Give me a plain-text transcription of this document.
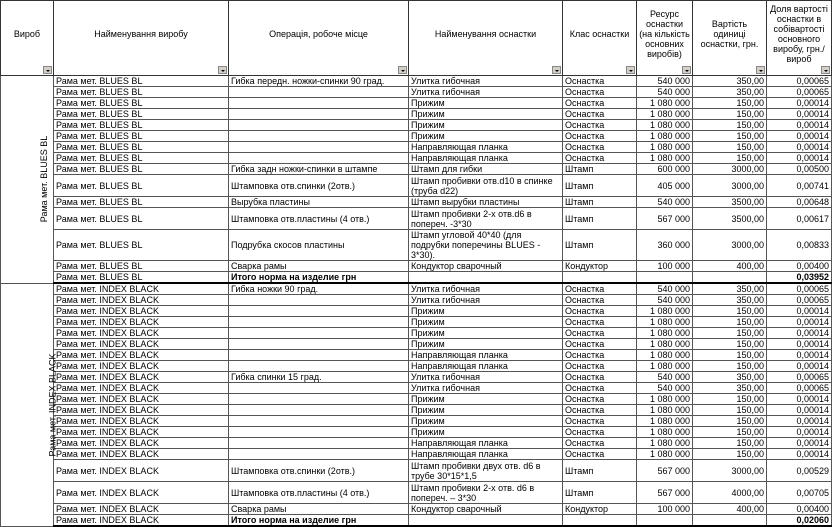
Виpоб	Найменування виробу	Операція, робоче місце	Найменування оснастки	Клас оснастки	Ресурс оснастки (на кількість основних виробів)	Вартість одиниці оснастки, грн.	Доля вартості оснастки в собівартості основного виробу, грн./вироб

Рама мет. BLUES BL	Рама мет. BLUES BL	Гибка передн. ножки-спинки 90 град.	Улитка гибочная	Оснастка	540 000	350,00	0,00065
	Рама мет. BLUES BL		Улитка гибочная	Оснастка	540 000	350,00	0,00065
	Рама мет. BLUES BL		Прижим	Оснастка	1 080 000	150,00	0,00014
	Рама мет. BLUES BL		Прижим	Оснастка	1 080 000	150,00	0,00014
	Рама мет. BLUES BL		Прижим	Оснастка	1 080 000	150,00	0,00014
	Рама мет. BLUES BL		Прижим	Оснастка	1 080 000	150,00	0,00014
	Рама мет. BLUES BL		Направляющая планка	Оснастка	1 080 000	150,00	0,00014
	Рама мет. BLUES BL		Направляющая планка	Оснастка	1 080 000	150,00	0,00014
	Рама мет. BLUES BL	Гибка задн ножки-спинки в штампе	Штамп для гибки	Штамп	600 000	3000,00	0,00500
	Рама мет. BLUES BL	Штамповка отв.спинки (2отв.)	Штамп пробивки отв.d10 в спинке (труба d22)	Штамп	405 000	3000,00	0,00741
	Рама мет. BLUES BL	Вырубка пластины	Штамп вырубки пластины	Штамп	540 000	3500,00	0,00648
	Рама мет. BLUES BL	Штамповка отв.пластины (4 отв.)	Штамп пробивки 2-х отв.d6 в попереч. -3*30	Штамп	567 000	3500,00	0,00617
	Рама мет. BLUES BL	Подрубка скосов пластины	Штамп угловой 40*40 (для подрубки поперечины BLUES - 3*30).	Штамп	360 000	3000,00	0,00833
	Рама мет. BLUES BL	Сварка рамы	Кондуктор сварочный	Кондуктор	100 000	400,00	0,00400
	Рама мет. BLUES BL	Итого норма на изделие грн					0,03952
Рама мет. INDEX BLACK	Рама мет. INDEX BLACK	Гибка ножки 90 град.	Улитка гибочная	Оснастка	540 000	350,00	0,00065
	Рама мет. INDEX BLACK		Улитка гибочная	Оснастка	540 000	350,00	0,00065
	Рама мет. INDEX BLACK		Прижим	Оснастка	1 080 000	150,00	0,00014
	Рама мет. INDEX BLACK		Прижим	Оснастка	1 080 000	150,00	0,00014
	Рама мет. INDEX BLACK		Прижим	Оснастка	1 080 000	150,00	0,00014
	Рама мет. INDEX BLACK		Прижим	Оснастка	1 080 000	150,00	0,00014
	Рама мет. INDEX BLACK		Направляющая планка	Оснастка	1 080 000	150,00	0,00014
	Рама мет. INDEX BLACK		Направляющая планка	Оснастка	1 080 000	150,00	0,00014
	Рама мет. INDEX BLACK	Гибка спинки 15 град.	Улитка гибочная	Оснастка	540 000	350,00	0,00065
	Рама мет. INDEX BLACK		Улитка гибочная	Оснастка	540 000	350,00	0,00065
	Рама мет. INDEX BLACK		Прижим	Оснастка	1 080 000	150,00	0,00014
	Рама мет. INDEX BLACK		Прижим	Оснастка	1 080 000	150,00	0,00014
	Рама мет. INDEX BLACK		Прижим	Оснастка	1 080 000	150,00	0,00014
	Рама мет. INDEX BLACK		Прижим	Оснастка	1 080 000	150,00	0,00014
	Рама мет. INDEX BLACK		Направляющая планка	Оснастка	1 080 000	150,00	0,00014
	Рама мет. INDEX BLACK		Направляющая планка	Оснастка	1 080 000	150,00	0,00014
	Рама мет. INDEX BLACK	Штамповка отв.спинки (2отв.)	Штамп пробивки двух отв. d6 в трубе 30*15*1,5	Штамп	567 000	3000,00	0,00529
	Рама мет. INDEX BLACK	Штамповка отв.пластины (4 отв.)	Штамп пробивки 2-х отв. d6 в попереч. – 3*30	Штамп	567 000	4000,00	0,00705
	Рама мет. INDEX BLACK	Сварка рамы	Кондуктор сварочный	Кондуктор	100 000	400,00	0,00400
	Рама мет. INDEX BLACK	Итого норма на изделие грн					0,02060
